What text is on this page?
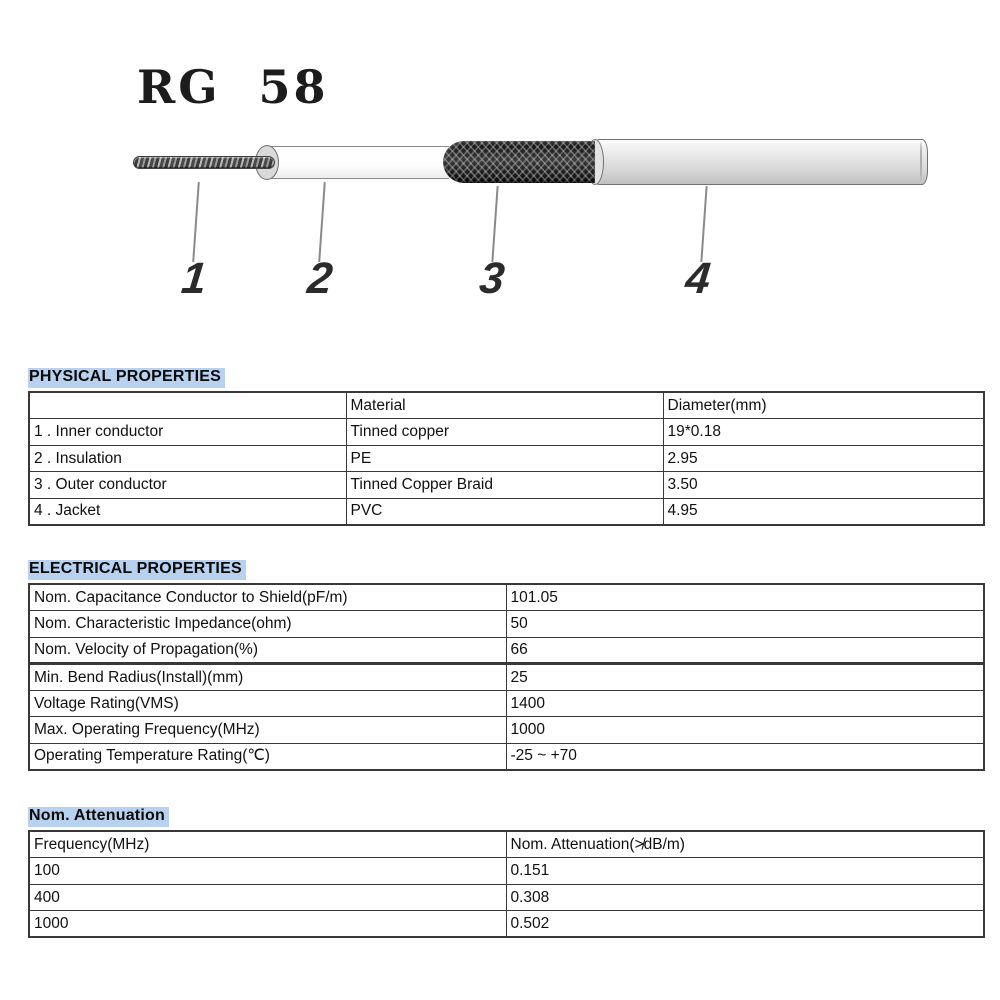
RG  58
1 2	3	4
PHYSICAL PROPERTIES
	Material	Diameter(mm)
1 . Inner conductor	Tinned copper	19*0.18
2 . Insulation	PE	2.95
3 . Outer conductor	Tinned Copper Braid	3.50
4 . Jacket	PVC	4.95
ELECTRICAL PROPERTIES
Nom. Capacitance Conductor to Shield(pF/m)	101.05
Nom. Characteristic Impedance(ohm)	50
Nom. Velocity of Propagation(%)	66
Min. Bend Radius(Install)(mm)	25
Voltage Rating(VMS)	1400
Max. Operating Frequency(MHz)	1000
Operating Temperature Rating(℃)	-25 ~ +70
Nom. Attenuation
Frequency(MHz)	Nom. Attenuation(≯dB/m)
100	0.151
400	0.308
1000	0.502
